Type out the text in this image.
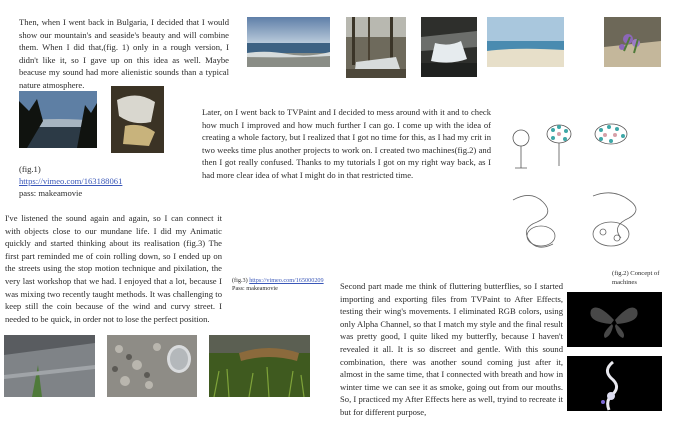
Then, when I went back in Bulgaria, I decided that I would show our mountain's and seaside's beauty and will combine them. When I did that,(fig. 1) only in a rough version, I didn't like it, so I gave up on this idea as well. Maybe beacuse my sound had more alienistic sounds than a typical nature atmosphere.
(fig.1)
https://vimeo.com/163188061
pass: makeamovie
Later, on I went back to TVPaint and I decided to mess around with it and to check how much I improved and how much further I can go. I come up with the idea of creating a whole factory, but I realized that I got no time for this, as I had my crit in two weeks time plus another projects to work on. I created two machines(fig.2) and then I got really confused. Thanks to my tutorials I got on my right way back, as I had more clear idea of what I might do in that restricted time.
I've listened the sound again and again, so I can connect it with objects close to our mundane life. I did my Animatic quickly and started thinking about its realisation (fig.3) The first part reminded me of coin rolling down, so I ended up on the streets using the stop motion technique and pixilation, the very last workshop that we had. I enjoyed that a lot, because I was mixing two recently taught methods. It was challenging to keep still the coin because of the wind and curvy street. I needed to be quick, in order not to lose the perfect position.
(fig.3) https://vimeo.com/165000209
Pass: makeamovie
(fig.2) Concept of machines
Second part made me think of fluttering butterflies, so I started importing and exporting files from TVPaint to After Effects, testing their wing's movements. I eliminated RGB colors, using only Alpha Channel, so that I match my style and the final result was pretty good, I quite liked my butterfly, because I haven't revealed it all. It is so discreet and gentle. With this sound combination, there was another sound coming just after it, almost in the same time, that I connected with breath and how in winter time we can see it as smoke, going out from our mouths. So, I practiced my After Effects here as well, tryind to recreate it but for different purpose,
